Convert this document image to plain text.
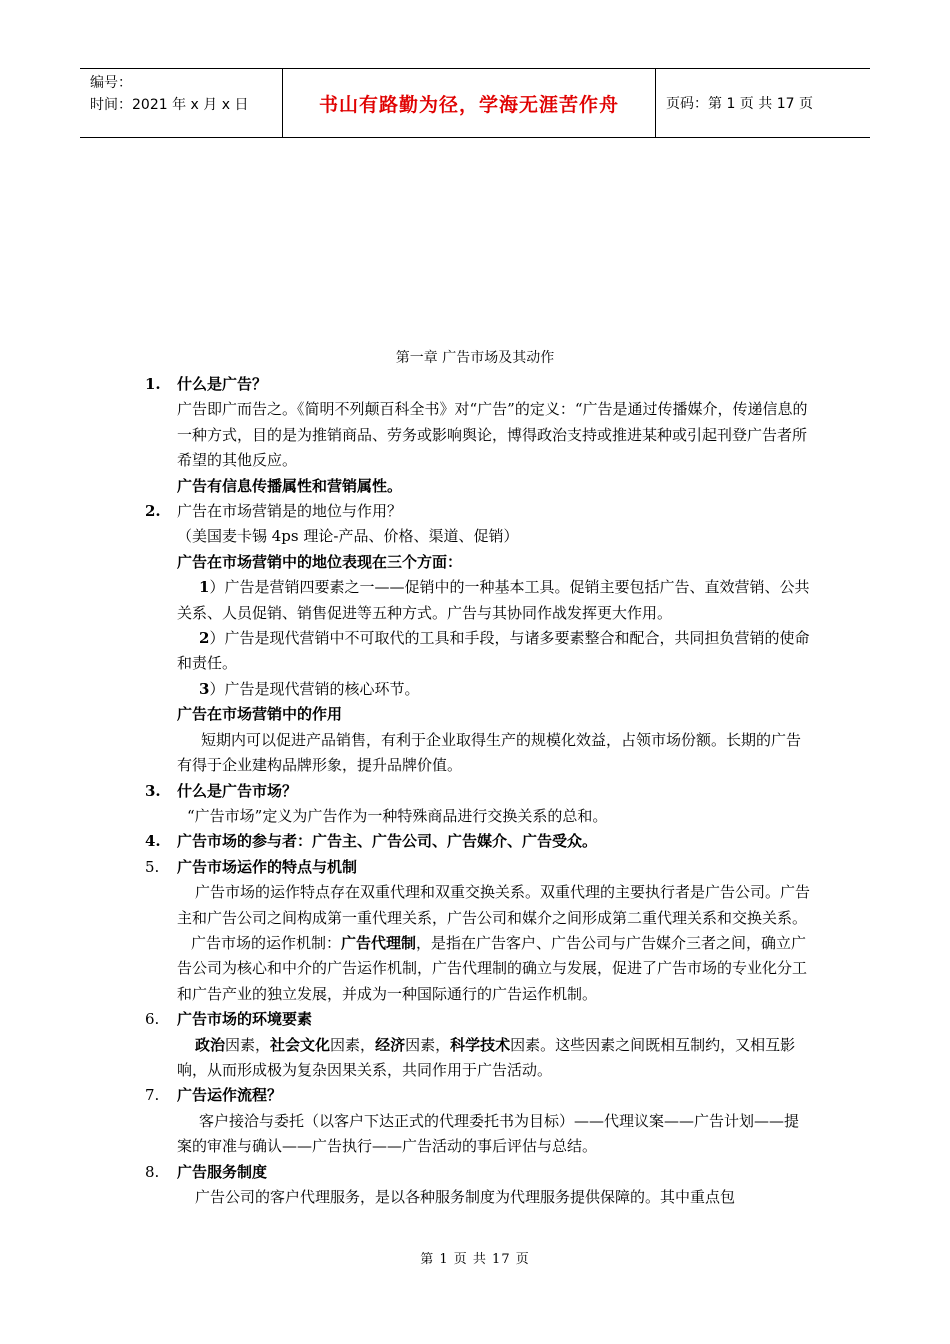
编号：
时间：2021 年 x 月 x 日	书山有路勤为径，学海无涯苦作舟	页码：第 1 页 共 17 页
第一章 广告市场及其动作
1. 什么是广告？

广告即广而告之。《简明不列颠百科全书》对“广告”的定义：“广告是通过传播媒介，传递信息的一种方式，目的是为推销商品、劳务或影响舆论，博得政治支持或推进某种或引起刊登广告者所希望的其他反应。

广告有信息传播属性和营销属性。

2. 广告在市场营销是的地位与作用？

（美国麦卡锡 4ps 理论-产品、价格、渠道、促销）

广告在市场营销中的地位表现在三个方面：

1）广告是营销四要素之一——促销中的一种基本工具。促销主要包括广告、直效营销、公共关系、人员促销、销售促进等五种方式。广告与其协同作战发挥更大作用。

2）广告是现代营销中不可取代的工具和手段，与诸多要素整合和配合，共同担负营销的使命和责任。

3）广告是现代营销的核心环节。

广告在市场营销中的作用

短期内可以促进产品销售，有利于企业取得生产的规模化效益，占领市场份额。长期的广告有得于企业建构品牌形象，提升品牌价值。

3. 什么是广告市场？

“广告市场”定义为广告作为一种特殊商品进行交换关系的总和。

4. 广告市场的参与者：广告主、广告公司、广告媒介、广告受众。

5. 广告市场运作的特点与机制

广告市场的运作特点存在双重代理和双重交换关系。双重代理的主要执行者是广告公司。广告主和广告公司之间构成第一重代理关系，广告公司和媒介之间形成第二重代理关系和交换关系。

广告市场的运作机制：广告代理制，是指在广告客户、广告公司与广告媒介三者之间，确立广告公司为核心和中介的广告运作机制，广告代理制的确立与发展，促进了广告市场的专业化分工和广告产业的独立发展，并成为一种国际通行的广告运作机制。

6. 广告市场的环境要素

政治因素，社会文化因素，经济因素，科学技术因素。这些因素之间既相互制约，又相互影响，从而形成极为复杂因果关系，共同作用于广告活动。

7. 广告运作流程？

客户接洽与委托（以客户下达正式的代理委托书为目标）——代理议案——广告计划——提案的审准与确认——广告执行——广告活动的事后评估与总结。

8. 广告服务制度

广告公司的客户代理服务，是以各种服务制度为代理服务提供保障的。其中重点包

第 1 页 共 17 页
